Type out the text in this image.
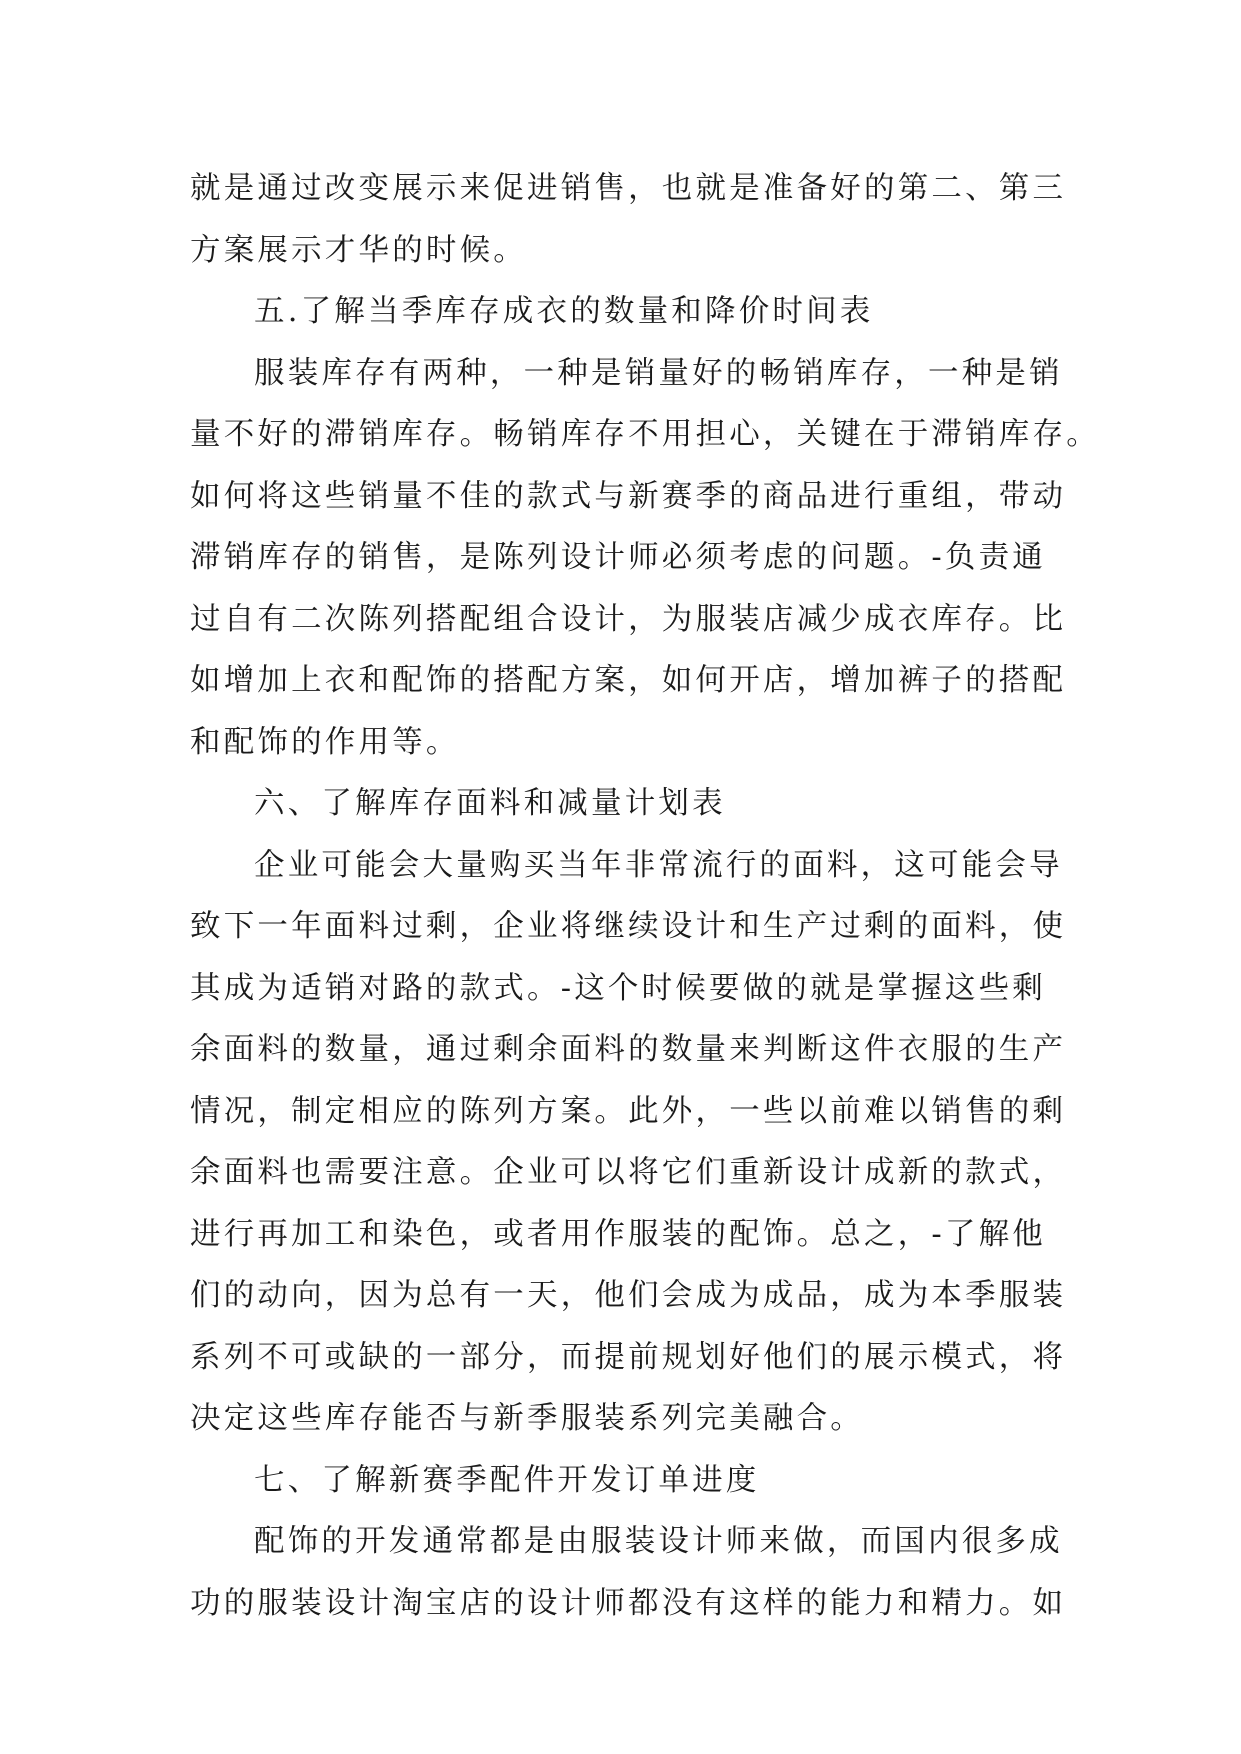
就是通过改变展示来促进销售，也就是准备好的第二、第三
方案展示才华的时候。
五.了解当季库存成衣的数量和降价时间表
服装库存有两种，一种是销量好的畅销库存，一种是销
量不好的滞销库存。畅销库存不用担心，关键在于滞销库存。
如何将这些销量不佳的款式与新赛季的商品进行重组，带动
滞销库存的销售，是陈列设计师必须考虑的问题。-负责通
过自有二次陈列搭配组合设计，为服装店减少成衣库存。比
如增加上衣和配饰的搭配方案，如何开店，增加裤子的搭配
和配饰的作用等。
六、了解库存面料和减量计划表
企业可能会大量购买当年非常流行的面料，这可能会导
致下一年面料过剩，企业将继续设计和生产过剩的面料，使
其成为适销对路的款式。-这个时候要做的就是掌握这些剩
余面料的数量，通过剩余面料的数量来判断这件衣服的生产
情况，制定相应的陈列方案。此外，一些以前难以销售的剩
余面料也需要注意。企业可以将它们重新设计成新的款式，
进行再加工和染色，或者用作服装的配饰。总之，-了解他
们的动向，因为总有一天，他们会成为成品，成为本季服装
系列不可或缺的一部分，而提前规划好他们的展示模式，将
决定这些库存能否与新季服装系列完美融合。
七、了解新赛季配件开发订单进度
配饰的开发通常都是由服装设计师来做，而国内很多成
功的服装设计淘宝店的设计师都没有这样的能力和精力。如
